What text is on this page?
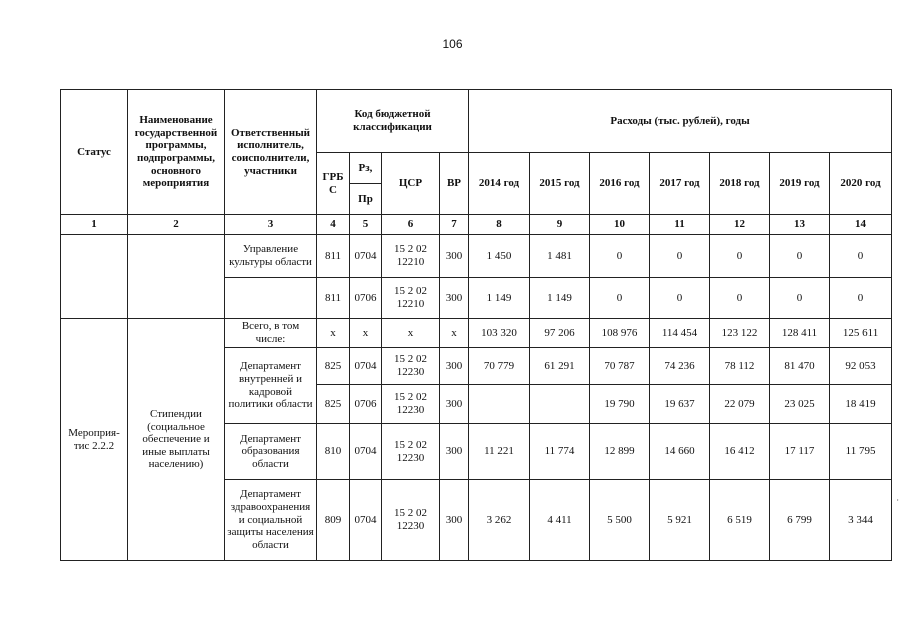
106
Статус	Наименование государственной программы, подпрограммы, основного мероприятия	Ответственный исполнитель, соисполнители, участники	Код бюджетной классификации				Расходы (тыс. рублей), годы						
			ГРБ С	Рз,	ЦСР	ВР	2014 год	2015 год	2016 год	2017 год	2018 год	2019 год	2020 год
				Пр									
1	2	3	4	5	6	7	8	9	10	11	12	13	14
		Управление культуры области	811	0704	15 2 02 12210	300	1 450	1 481	0	0	0	0	0
			811	0706	15 2 02 12210	300	1 149	1 149	0	0	0	0	0
Мероприя-тис 2.2.2	Стипендии (социальное обеспечение и иные выплаты населению)	Всего, в том числе:	x	x	x	x	103 320	97 206	108 976	114 454	123 122	128 411	125 611
		Департамент внутренней и кадровой политики области	825	0704	15 2 02 12230	300	70 779	61 291	70 787	74 236	78 112	81 470	92 053
			825	0706	15 2 02 12230	300			19 790	19 637	22 079	23 025	18 419
		Департамент образования области	810	0704	15 2 02 12230	300	11 221	11 774	12 899	14 660	16 412	17 117	11 795
		Департамент здравоохранения и социальной защиты населения области	809	0704	15 2 02 12230	300	3 262	4 411	5 500	5 921	6 519	6 799	3 344
·
